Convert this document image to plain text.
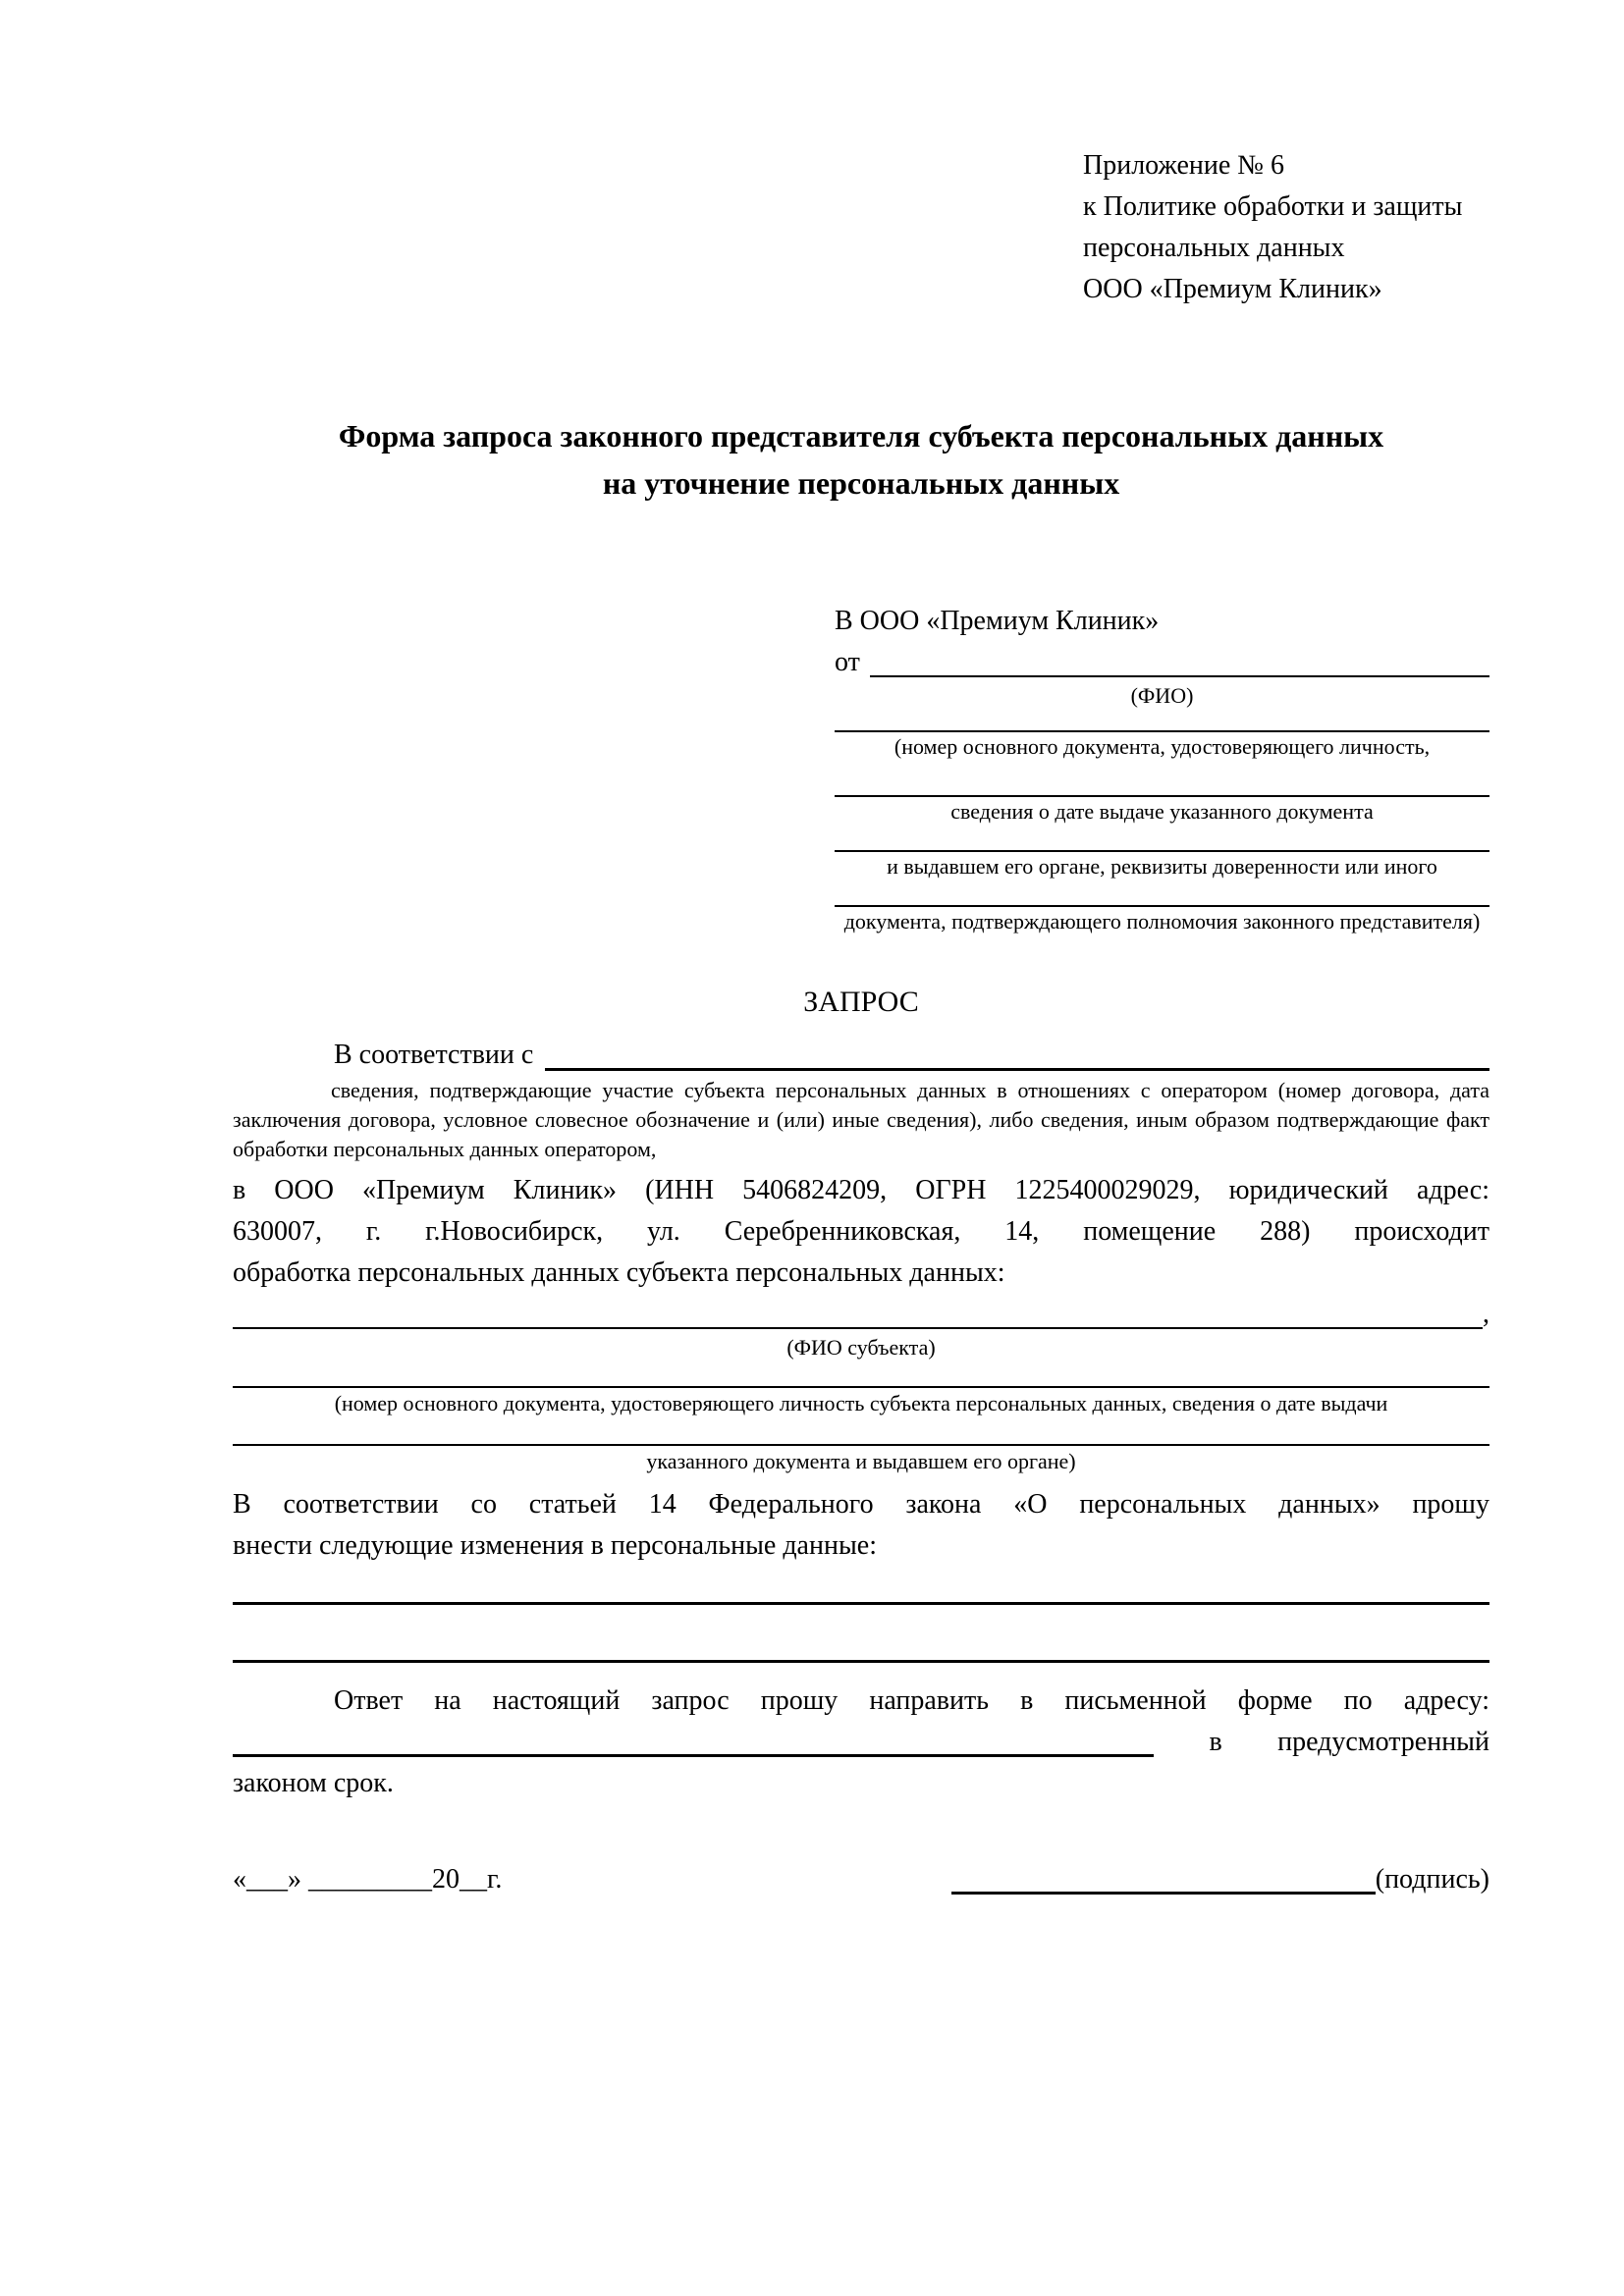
Приложение № 6
к Политике обработки и защиты
персональных данных
ООО «Премиум Клиник»
Форма запроса законного представителя субъекта персональных данных
на уточнение персональных данных
В ООО «Премиум Клиник»
от
(ФИО)
(номер основного документа, удостоверяющего личность,
сведения о дате выдаче указанного документа
и выдавшем его органе, реквизиты доверенности или иного
документа, подтверждающего полномочия законного представителя)
ЗАПРОС
В соответствии с
сведения, подтверждающие участие субъекта персональных данных в отношениях с оператором (номер договора, дата
заключения договора, условное словесное обозначение и (или) иные сведения), либо сведения, иным образом подтверждающие факт
обработки персональных данных оператором,
в ООО «Премиум Клиник» (ИНН 5406824209, ОГРН 1225400029029, юридический адрес:
630007, г. г.Новосибирск, ул. Серебренниковская, 14, помещение 288) происходит
обработка персональных данных субъекта персональных данных:
,
(ФИО субъекта)
(номер основного документа, удостоверяющего личность субъекта персональных данных, сведения о дате выдачи
указанного документа и выдавшем его органе)
В соответствии со статьей 14 Федерального закона «О персональных данных» прошу
внести следующие изменения в персональные данные:
Ответ на настоящий запрос прошу направить в письменной форме по адресу:
в предусмотренный
законом срок.
«___» _________20__г.	(подпись)
